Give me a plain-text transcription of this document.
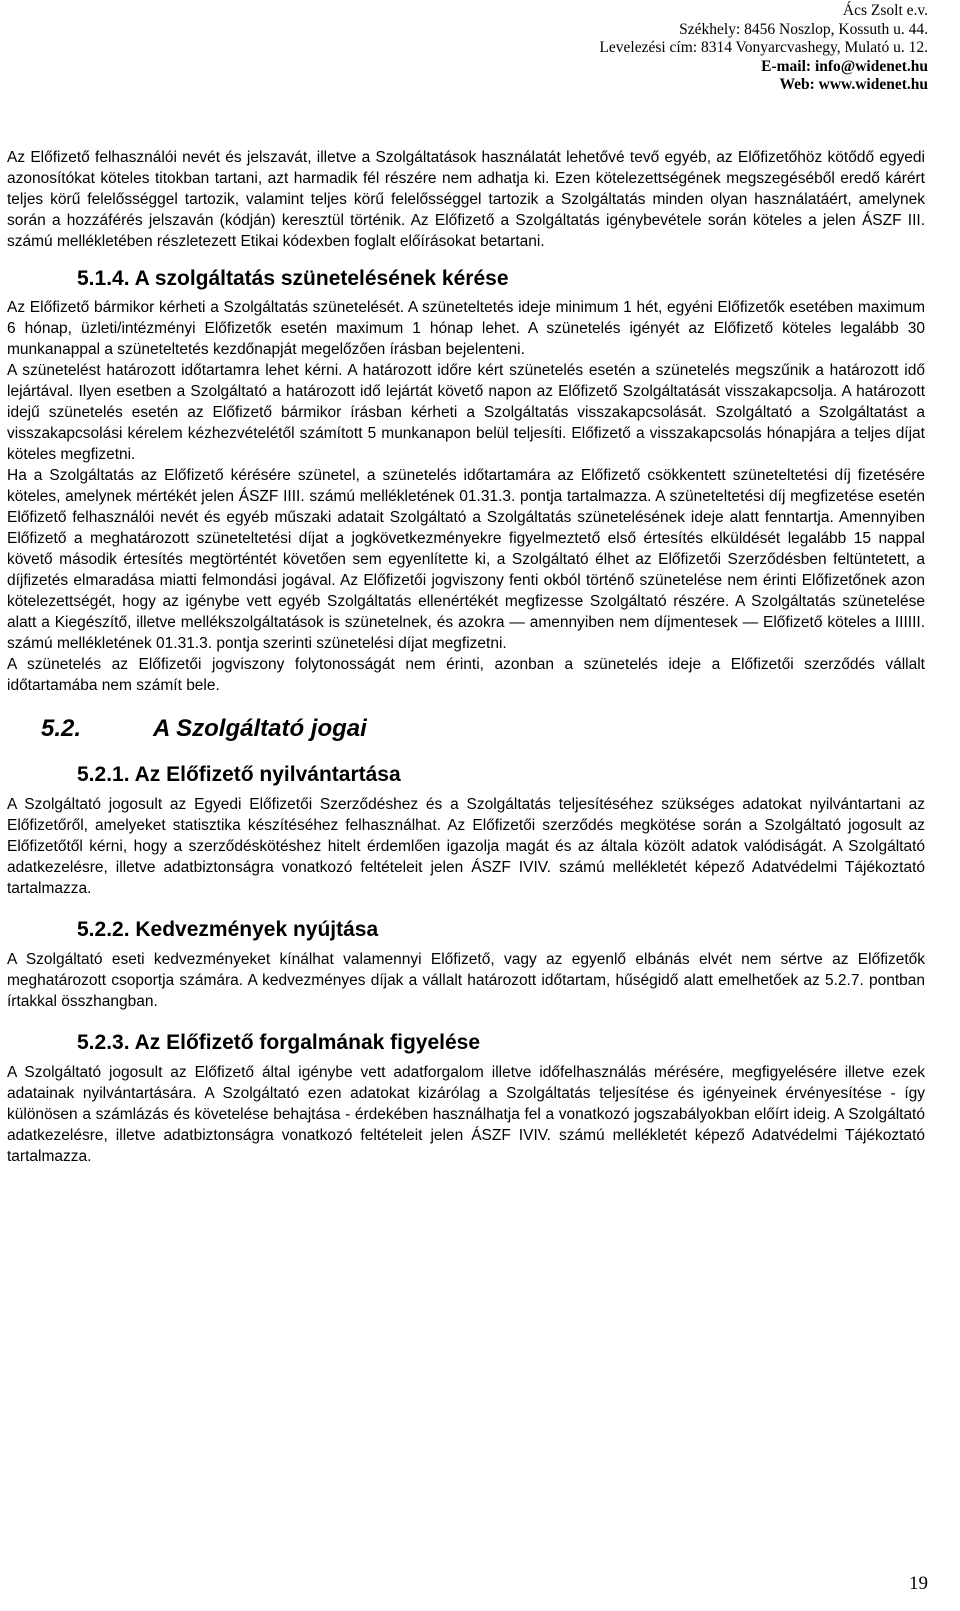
Ács Zsolt e.v.
Székhely: 8456 Noszlop, Kossuth u. 44.
Levelezési cím: 8314 Vonyarcvashegy, Mulató u. 12.
E-mail: info@widenet.hu
Web: www.widenet.hu

Az Előfizető felhasználói nevét és jelszavát, illetve a Szolgáltatások használatát lehetővé tevő egyéb, az Előfizetőhöz kötődő egyedi azonosítókat köteles titokban tartani, azt harmadik fél részére nem adhatja ki. Ezen kötelezettségének megszegéséből eredő kárért teljes körű felelősséggel tartozik, valamint teljes körű felelősséggel tartozik a Szolgáltatás minden olyan használatáért, amelynek során a hozzáférés jelszaván (kódján) keresztül történik. Az Előfizető a Szolgáltatás igénybevétele során köteles a jelen ÁSZF III. számú mellékletében részletezett Etikai kódexben foglalt előírásokat betartani.

5.1.4. A szolgáltatás szünetelésének kérése

Az Előfizető bármikor kérheti a Szolgáltatás szünetelését. A szüneteltetés ideje minimum 1 hét, egyéni Előfizetők esetében maximum 6 hónap, üzleti/intézményi Előfizetők esetén maximum 1 hónap lehet. A szünetelés igényét az Előfizető köteles legalább 30 munkanappal a szüneteltetés kezdőnapját megelőzően írásban bejelenteni.

A szünetelést határozott időtartamra lehet kérni. A határozott időre kért szünetelés esetén a szünetelés megszűnik a határozott idő lejártával. Ilyen esetben a Szolgáltató a határozott idő lejártát követő napon az Előfizető Szolgáltatását visszakapcsolja. A határozott idejű szünetelés esetén az Előfizető bármikor írásban kérheti a Szolgáltatás visszakapcsolását. Szolgáltató a Szolgáltatást a visszakapcsolási kérelem kézhezvételétől számított 5 munkanapon belül teljesíti. Előfizető a visszakapcsolás hónapjára a teljes díjat köteles megfizetni.

Ha a Szolgáltatás az Előfizető kérésére szünetel, a szünetelés időtartamára az Előfizető csökkentett szüneteltetési díj fizetésére köteles, amelynek mértékét jelen ÁSZF IIII. számú mellékletének 01.31.3. pontja tartalmazza. A szüneteltetési díj megfizetése esetén Előfizető felhasználói nevét és egyéb műszaki adatait Szolgáltató a Szolgáltatás szünetelésének ideje alatt fenntartja. Amennyiben Előfizető a meghatározott szüneteltetési díjat a jogkövetkezményekre figyelmeztető első értesítés elküldését legalább 15 nappal követő második értesítés megtörténtét követően sem egyenlítette ki, a Szolgáltató élhet az Előfizetői Szerződésben feltüntetett, a díjfizetés elmaradása miatti felmondási jogával. Az Előfizetői jogviszony fenti okból történő szünetelése nem érinti Előfizetőnek azon kötelezettségét, hogy az igénybe vett egyéb Szolgáltatás ellenértékét megfizesse Szolgáltató részére. A Szolgáltatás szünetelése alatt a Kiegészítő, illetve mellékszolgáltatások is szünetelnek, és azokra — amennyiben nem díjmentesek — Előfizető köteles a IIIIII. számú mellékletének 01.31.3. pontja szerinti szünetelési díjat megfizetni.

A szünetelés az Előfizetői jogviszony folytonosságát nem érinti, azonban a szünetelés ideje a Előfizetői szerződés vállalt időtartamába nem számít bele.

5.2.	A Szolgáltató jogai
5.2.1. Az Előfizető nyilvántartása

A Szolgáltató jogosult az Egyedi Előfizetői Szerződéshez és a Szolgáltatás teljesítéséhez szükséges adatokat nyilvántartani az Előfizetőről, amelyeket statisztika készítéséhez felhasználhat. Az Előfizetői szerződés megkötése során a Szolgáltató jogosult az Előfizetőtől kérni, hogy a szerződéskötéshez hitelt érdemlően igazolja magát és az általa közölt adatok valódiságát. A Szolgáltató adatkezelésre, illetve adatbiztonságra vonatkozó feltételeit jelen ÁSZF IVIV. számú mellékletét képező Adatvédelmi Tájékoztató tartalmazza.

5.2.2. Kedvezmények nyújtása

A Szolgáltató eseti kedvezményeket kínálhat valamennyi Előfizető, vagy az egyenlő elbánás elvét nem sértve az Előfizetők meghatározott csoportja számára. A kedvezményes díjak a vállalt határozott időtartam, hűségidő alatt emelhetőek az 5.2.7. pontban írtakkal összhangban.

5.2.3. Az Előfizető forgalmának figyelése

A Szolgáltató jogosult az Előfizető által igénybe vett adatforgalom illetve időfelhasználás mérésére, megfigyelésére illetve ezek adatainak nyilvántartására. A Szolgáltató ezen adatokat kizárólag a Szolgáltatás teljesítése és igényeinek érvényesítése - így különösen a számlázás és követelése behajtása - érdekében használhatja fel a vonatkozó jogszabályokban előírt ideig. A Szolgáltató adatkezelésre, illetve adatbiztonságra vonatkozó feltételeit jelen ÁSZF IVIV. számú mellékletét képező Adatvédelmi Tájékoztató tartalmazza.

19
